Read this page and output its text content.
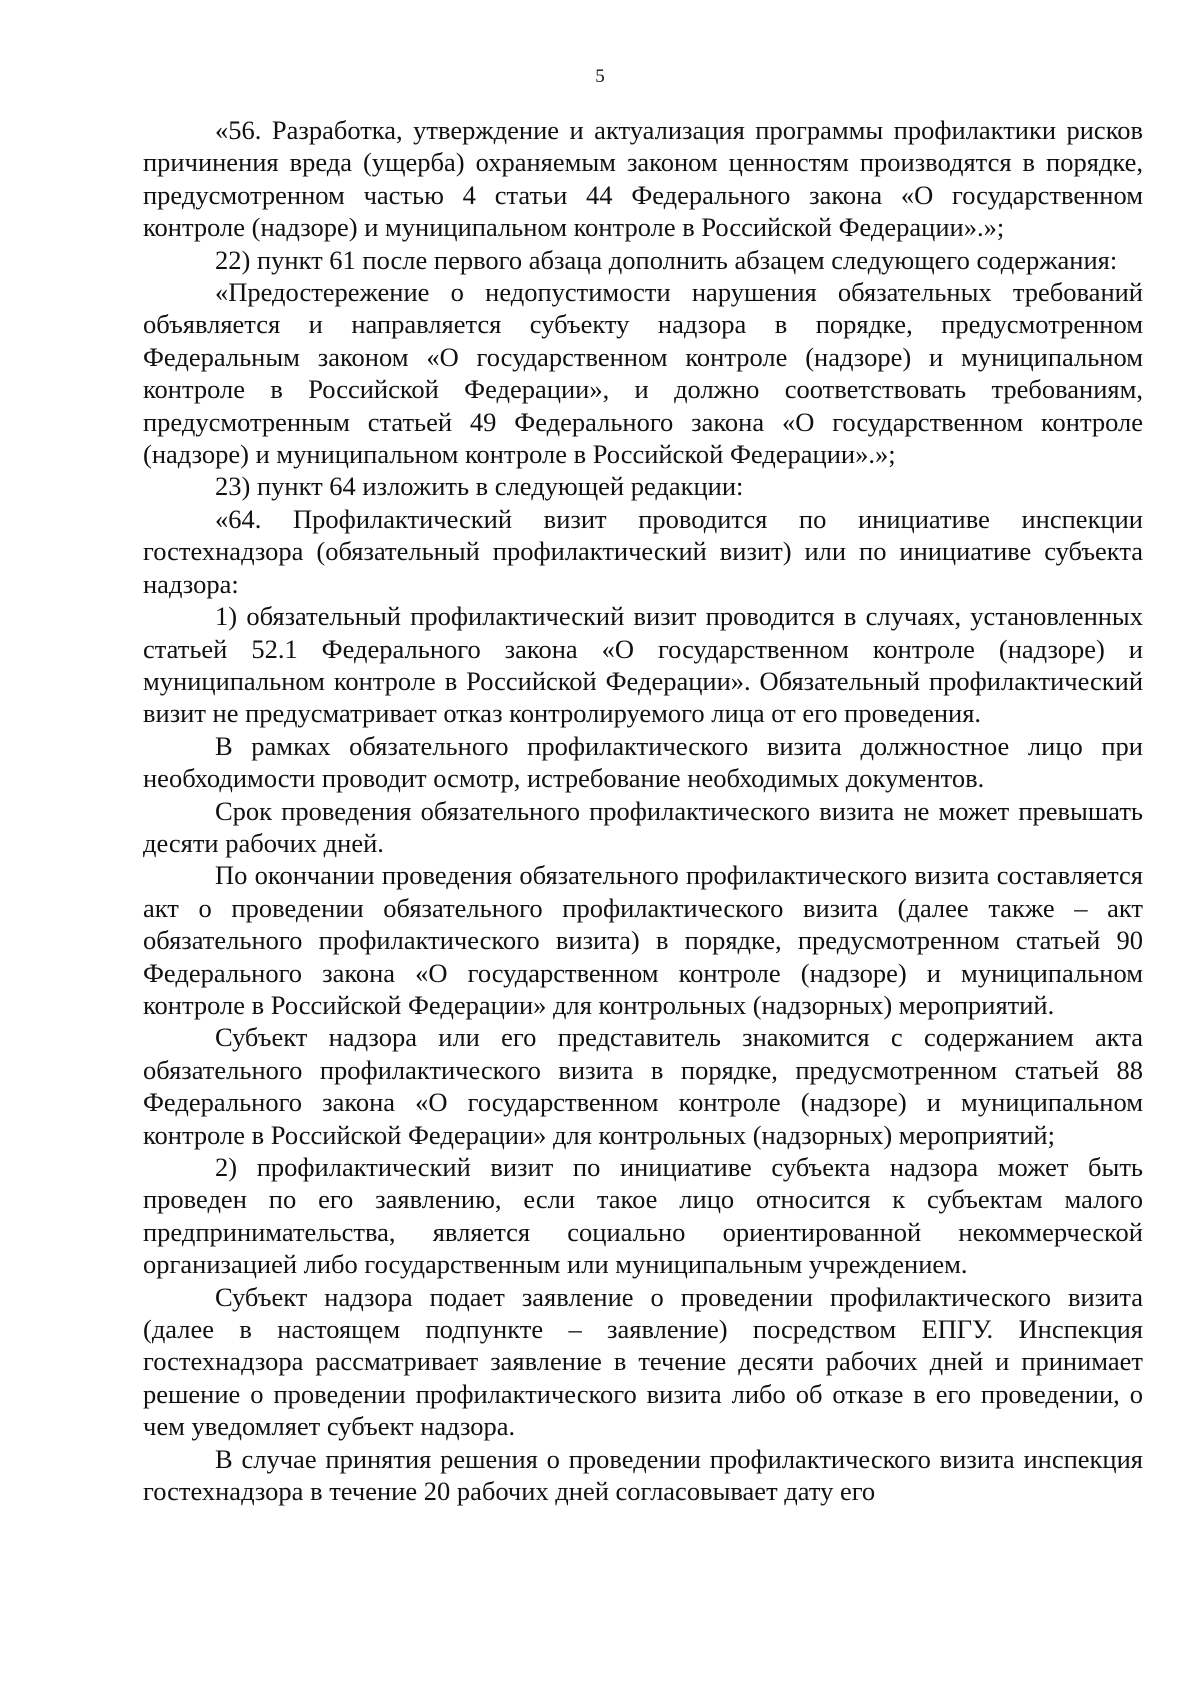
5

«56. Разработка, утверждение и актуализация программы профилактики рисков причинения вреда (ущерба) охраняемым законом ценностям производятся в порядке, предусмотренном частью 4 статьи 44 Федерального закона «О государственном контроле (надзоре) и муниципальном контроле в Российской Федерации».»;

22) пункт 61 после первого абзаца дополнить абзацем следующего содержания:

«Предостережение о недопустимости нарушения обязательных требований объявляется и направляется субъекту надзора в порядке, предусмотренном Федеральным законом «О государственном контроле (надзоре) и муниципальном контроле в Российской Федерации», и должно соответствовать требованиям, предусмотренным статьей 49 Федерального закона «О государственном контроле (надзоре) и муниципальном контроле в Российской Федерации».»;

23) пункт 64 изложить в следующей редакции:

«64. Профилактический визит проводится по инициативе инспекции гостехнадзора (обязательный профилактический визит) или по инициативе субъекта надзора:

1) обязательный профилактический визит проводится в случаях, установленных статьей 52.1 Федерального закона «О государственном контроле (надзоре) и муниципальном контроле в Российской Федерации». Обязательный профилактический визит не предусматривает отказ контролируемого лица от его проведения.

В рамках обязательного профилактического визита должностное лицо при необходимости проводит осмотр, истребование необходимых документов.

Срок проведения обязательного профилактического визита не может превышать десяти рабочих дней.

По окончании проведения обязательного профилактического визита составляется акт о проведении обязательного профилактического визита (далее также – акт обязательного профилактического визита) в порядке, предусмотренном статьей 90 Федерального закона «О государственном контроле (надзоре) и муниципальном контроле в Российской Федерации» для контрольных (надзорных) мероприятий.

Субъект надзора или его представитель знакомится с содержанием акта обязательного профилактического визита в порядке, предусмотренном статьей 88 Федерального закона «О государственном контроле (надзоре) и муниципальном контроле в Российской Федерации» для контрольных (надзорных) мероприятий;

2) профилактический визит по инициативе субъекта надзора может быть проведен по его заявлению, если такое лицо относится к субъектам малого предпринимательства, является социально ориентированной некоммерческой организацией либо государственным или муниципальным учреждением.

Субъект надзора подает заявление о проведении профилактического визита (далее в настоящем подпункте – заявление) посредством ЕПГУ. Инспекция гостехнадзора рассматривает заявление в течение десяти рабочих дней и принимает решение о проведении профилактического визита либо об отказе в его проведении, о чем уведомляет субъект надзора.

В случае принятия решения о проведении профилактического визита инспекция гостехнадзора в течение 20 рабочих дней согласовывает дату его
